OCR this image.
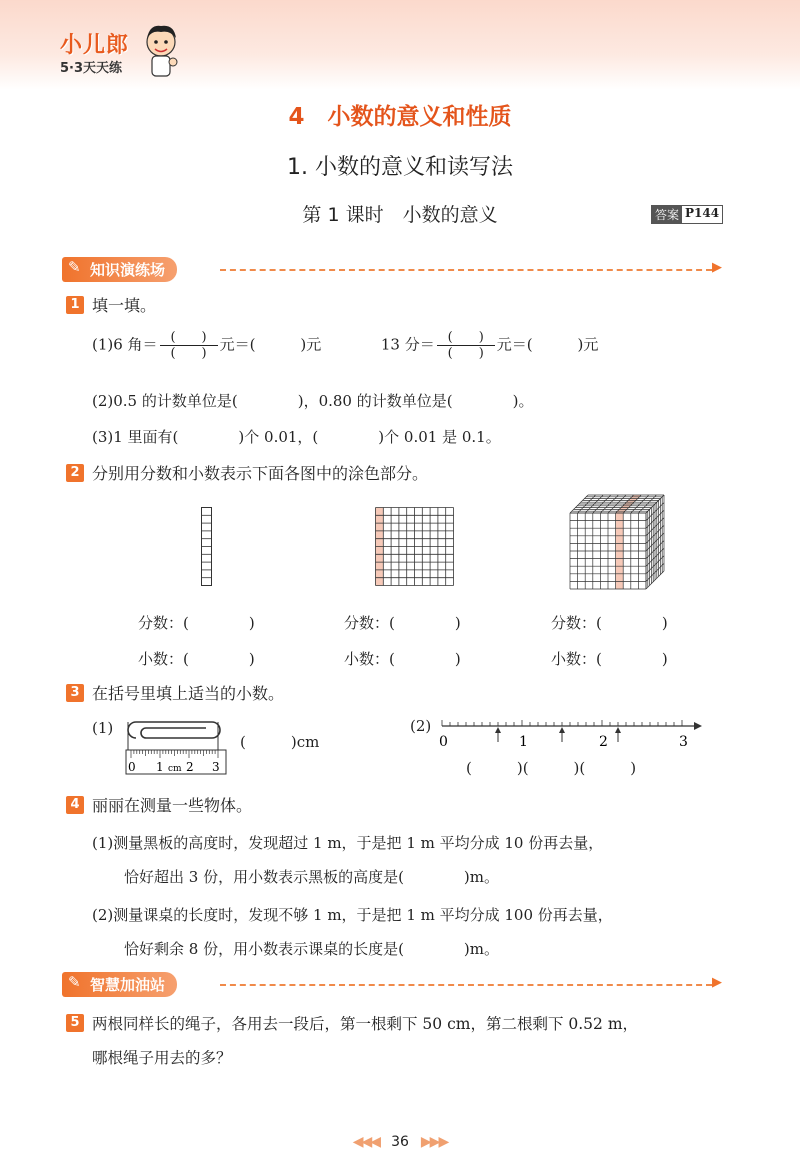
小儿郎
5·3天天练
4　小数的意义和性质
1. 小数的意义和读写法
第 1 课时　小数的意义	答案 P144
✎ 知识演练场	▶
1 填一填。
(1)6 角＝ $\frac{( )}{( )}$ 元＝(　　　)元	13 分＝ $\frac{( )}{( )}$ 元＝(　　　)元
(2)0.5 的计数单位是(　　　　)，0.80 的计数单位是(　　　　)。
(3)1 里面有(　　　　)个 0.01，(　　　　)个 0.01 是 0.1。
2 分别用分数和小数表示下面各图中的涂色部分。
分数：(　　　　)
小数：(　　　　)
分数：(　　　　)
小数：(　　　　)
分数：(　　　　)
小数：(　　　　)
3 在括号里填上适当的小数。
(1)
0 1 cm 2 3
(　　　)cm
(2)
0	1	2	3
(　　　)(　　　)(　　　)
4 丽丽在测量一些物体。
(1)测量黑板的高度时，发现超过 1 m，于是把 1 m 平均分成 10 份再去量，
恰好超出 3 份，用小数表示黑板的高度是(　　　　)m。
(2)测量课桌的长度时，发现不够 1 m，于是把 1 m 平均分成 100 份再去量，
恰好剩余 8 份，用小数表示课桌的长度是(　　　　)m。
✎ 智慧加油站	▶
5 两根同样长的绳子，各用去一段后，第一根剩下 50 cm，第二根剩下 0.52 m，
哪根绳子用去的多？
◀◀◀ 36 ▶▶▶
